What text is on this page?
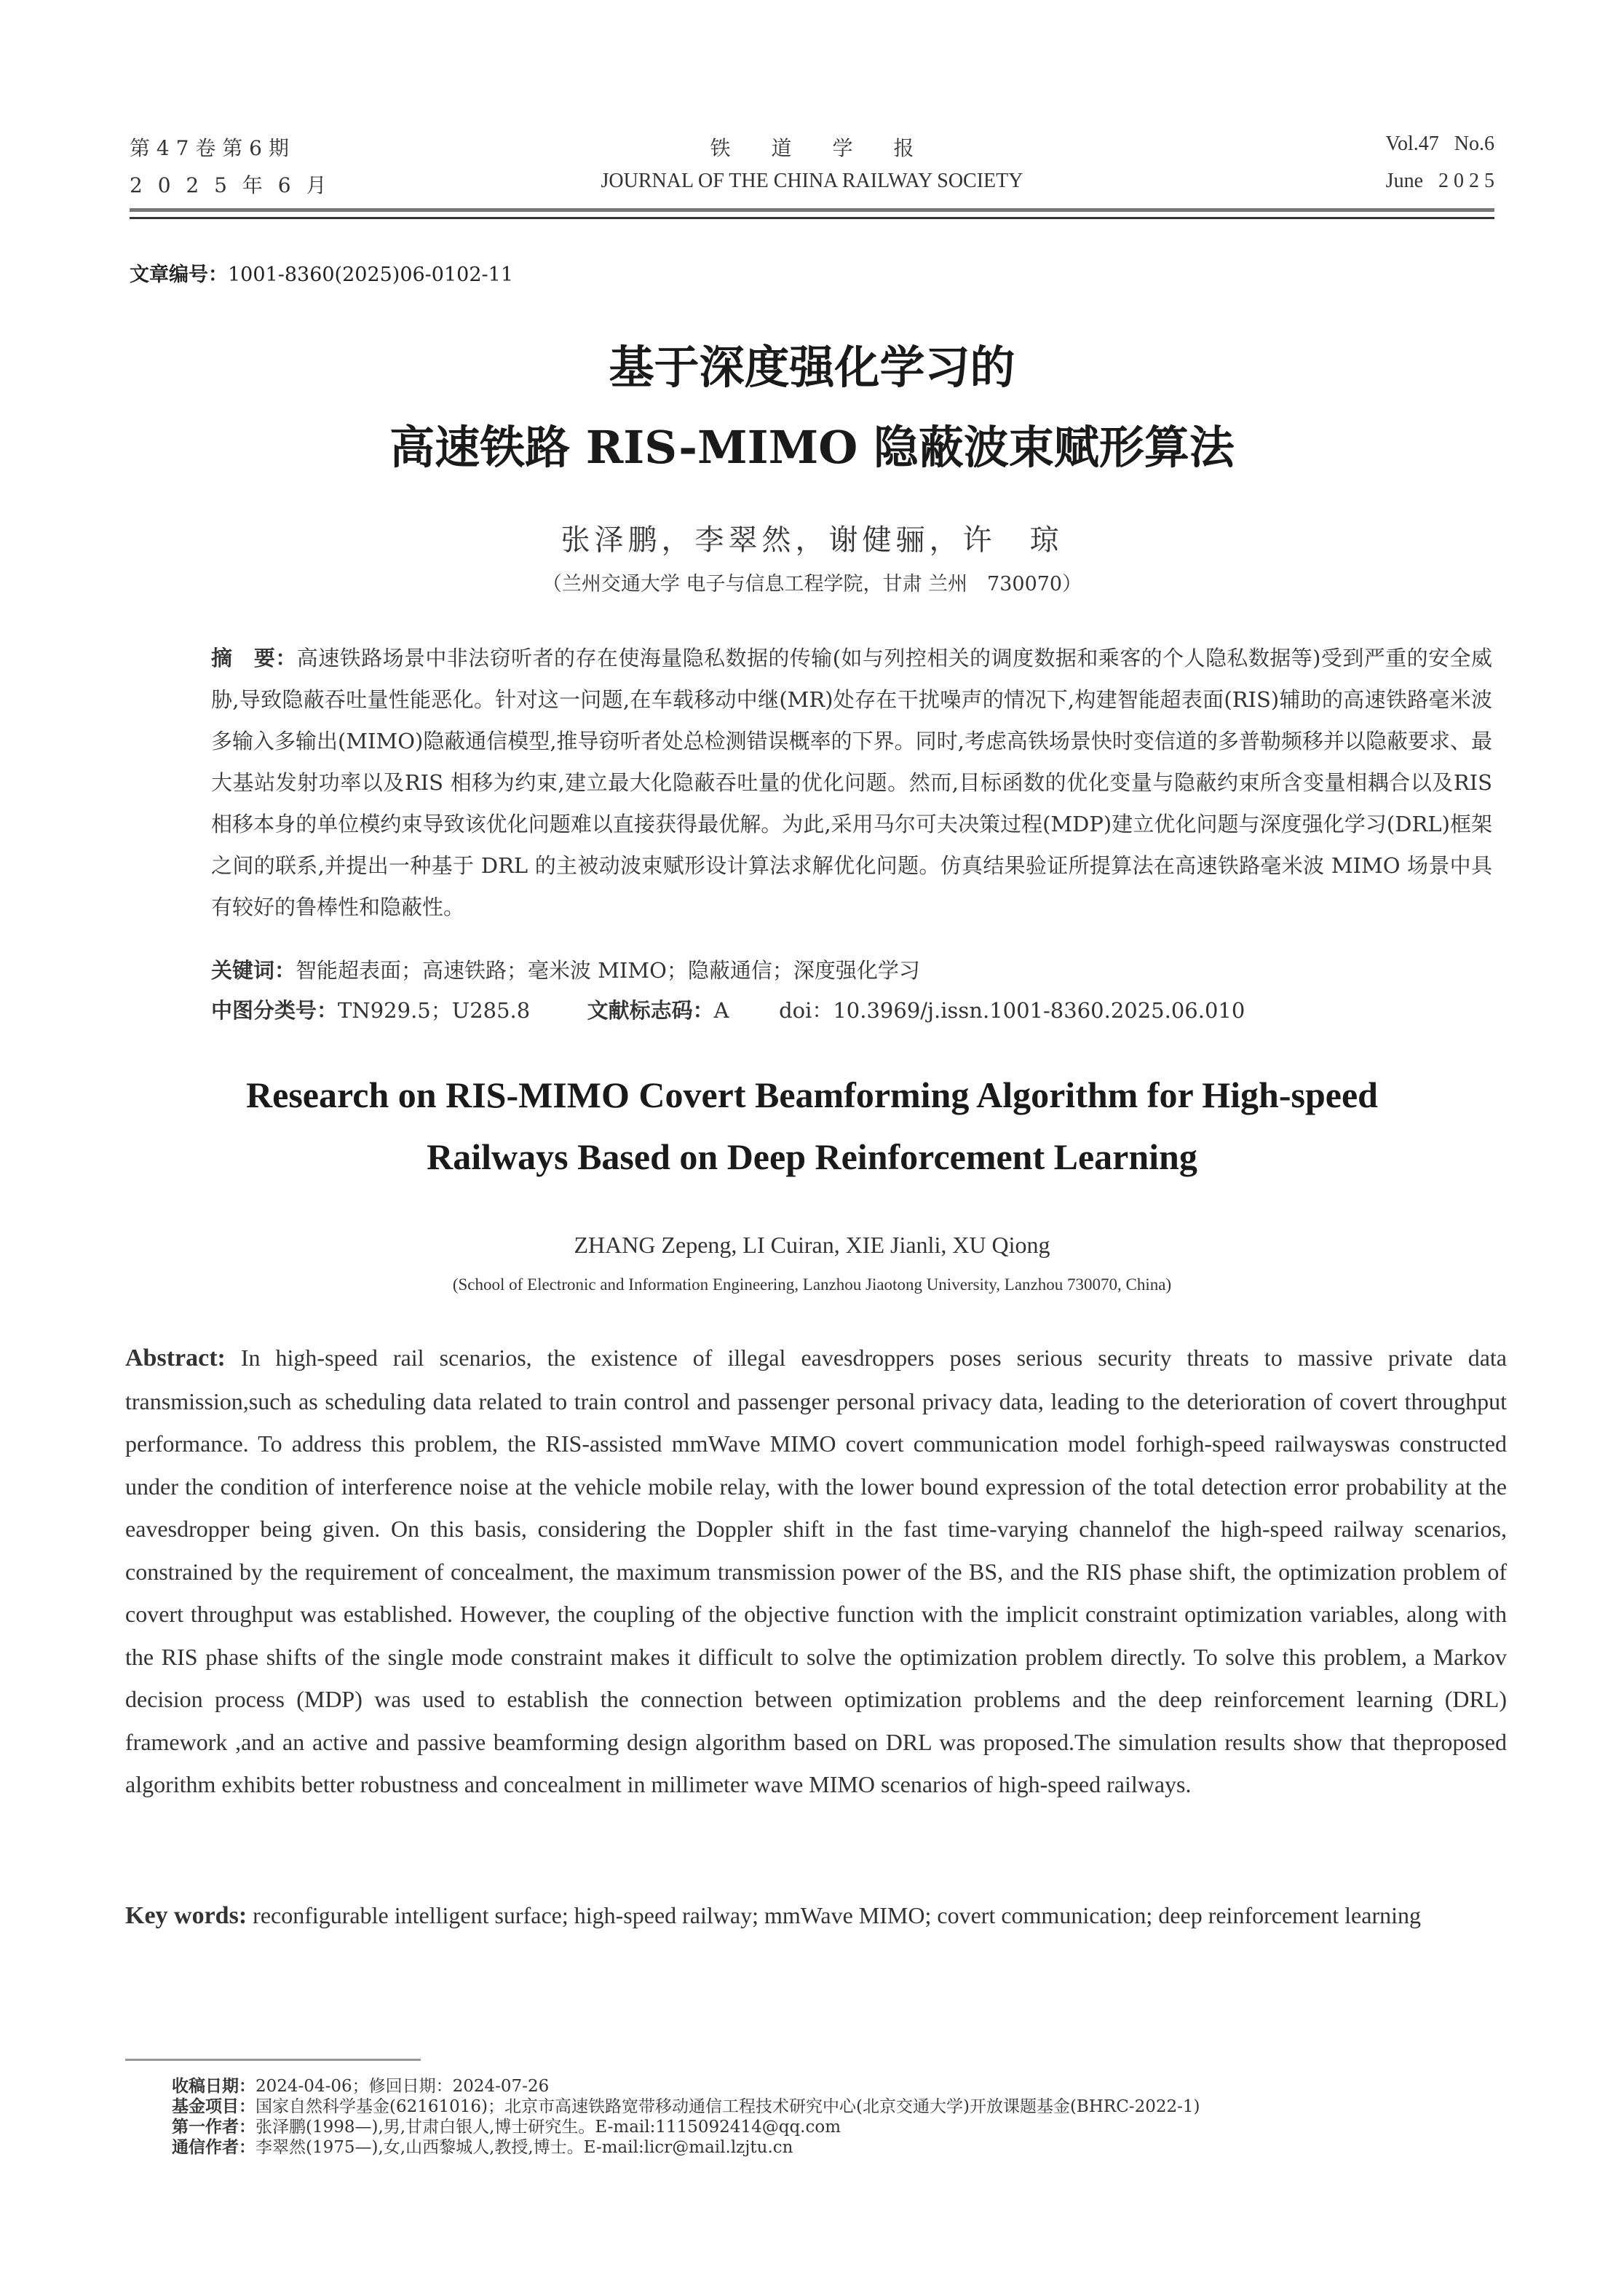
第 4 7 卷 第 6 期
2 0 2 5 年 6 月
铁　　道　　学　　报
JOURNAL OF THE CHINA RAILWAY SOCIETY
Vol.47   No.6
June   2 0 2 5
文章编号：1001-8360(2025)06-0102-11
基于深度强化学习的
高速铁路 RIS-MIMO 隐蔽波束赋形算法
张泽鹏，李翠然，谢健骊，许　琼
（兰州交通大学 电子与信息工程学院，甘肃 兰州　730070）
摘　要：高速铁路场景中非法窃听者的存在使海量隐私数据的传输(如与列控相关的调度数据和乘客的个人隐私数据等)受到严重的安全威胁,导致隐蔽吞吐量性能恶化。针对这一问题,在车载移动中继(MR)处存在干扰噪声的情况下,构建智能超表面(RIS)辅助的高速铁路毫米波多输入多输出(MIMO)隐蔽通信模型,推导窃听者处总检测错误概率的下界。同时,考虑高铁场景快时变信道的多普勒频移并以隐蔽要求、最大基站发射功率以及RIS 相移为约束,建立最大化隐蔽吞吐量的优化问题。然而,目标函数的优化变量与隐蔽约束所含变量相耦合以及RIS 相移本身的单位模约束导致该优化问题难以直接获得最优解。为此,采用马尔可夫决策过程(MDP)建立优化问题与深度强化学习(DRL)框架之间的联系,并提出一种基于 DRL 的主被动波束赋形设计算法求解优化问题。仿真结果验证所提算法在高速铁路毫米波 MIMO 场景中具有较好的鲁棒性和隐蔽性。
关键词：智能超表面；高速铁路；毫米波 MIMO；隐蔽通信；深度强化学习
中图分类号：TN929.5；U285.8	文献标志码：A doi：10.3969/j.issn.1001-8360.2025.06.010
Research on RIS-MIMO Covert Beamforming Algorithm for High-speed
Railways Based on Deep Reinforcement Learning
ZHANG Zepeng, LI Cuiran, XIE Jianli, XU Qiong
(School of Electronic and Information Engineering, Lanzhou Jiaotong University, Lanzhou 730070, China)
Abstract: In high-speed rail scenarios, the existence of illegal eavesdroppers poses serious security threats to massive private data transmission,such as scheduling data related to train control and passenger personal privacy data, leading to the deterioration of covert throughput performance. To address this problem, the RIS-assisted mmWave MIMO covert communication model forhigh-speed railwayswas constructed under the condition of interference noise at the vehicle mobile relay, with the lower bound expression of the total detection error probability at the eavesdropper being given. On this basis, considering the Doppler shift in the fast time-varying channelof the high-speed railway scenarios, constrained by the requirement of concealment, the maximum transmission power of the BS, and the RIS phase shift, the optimization problem of covert throughput was established. However, the coupling of the objective function with the implicit constraint optimization variables, along with the RIS phase shifts of the single mode constraint makes it difficult to solve the optimization problem directly. To solve this problem, a Markov decision process (MDP) was used to establish the connection between optimization problems and the deep reinforcement learning (DRL) framework ,and an active and passive beamforming design algorithm based on DRL was proposed.The simulation results show that theproposed algorithm exhibits better robustness and concealment in millimeter wave MIMO scenarios of high-speed railways.
Key words: reconfigurable intelligent surface; high-speed railway; mmWave MIMO; covert communication; deep reinforcement learning
收稿日期：2024-04-06；修回日期：2024-07-26
基金项目：国家自然科学基金(62161016)；北京市高速铁路宽带移动通信工程技术研究中心(北京交通大学)开放课题基金(BHRC-2022-1)
第一作者：张泽鹏(1998—),男,甘肃白银人,博士研究生。E-mail:1115092414@qq.com
通信作者：李翠然(1975—),女,山西黎城人,教授,博士。E-mail:licr@mail.lzjtu.cn
